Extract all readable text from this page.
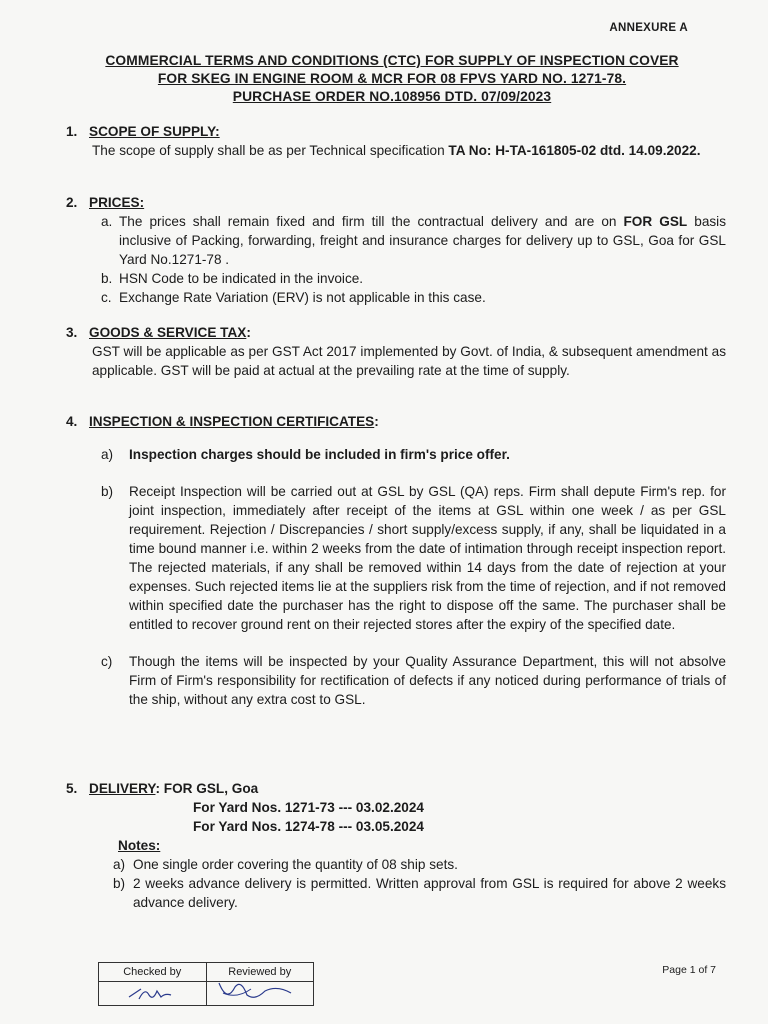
ANNEXURE A
COMMERCIAL TERMS AND CONDITIONS (CTC) FOR SUPPLY OF INSPECTION COVER
FOR SKEG IN ENGINE ROOM & MCR FOR 08 FPVS YARD NO. 1271-78.
PURCHASE ORDER NO.108956 DTD. 07/09/2023
1. SCOPE OF SUPPLY:
The scope of supply shall be as per Technical specification TA No: H-TA-161805-02 dtd. 14.09.2022.
2. PRICES:
a. The prices shall remain fixed and firm till the contractual delivery and are on FOR GSL basis inclusive of Packing, forwarding, freight and insurance charges for delivery up to GSL, Goa for GSL Yard No.1271-78 .
b. HSN Code to be indicated in the invoice.
c. Exchange Rate Variation (ERV) is not applicable in this case.
3. GOODS & SERVICE TAX:
GST will be applicable as per GST Act 2017 implemented by Govt. of India, & subsequent amendment as applicable. GST will be paid at actual at the prevailing rate at the time of supply.
4. INSPECTION & INSPECTION CERTIFICATES:
a)	Inspection charges should be included in firm's price offer.
b)	Receipt Inspection will be carried out at GSL by GSL (QA) reps. Firm shall depute Firm's rep. for joint inspection, immediately after receipt of the items at GSL within one week / as per GSL requirement. Rejection / Discrepancies / short supply/excess supply, if any, shall be liquidated in a time bound manner i.e. within 2 weeks from the date of intimation through receipt inspection report. The rejected materials, if any shall be removed within 14 days from the date of rejection at your expenses. Such rejected items lie at the suppliers risk from the time of rejection, and if not removed within specified date the purchaser has the right to dispose off the same. The purchaser shall be entitled to recover ground rent on their rejected stores after the expiry of the specified date.
c)	Though the items will be inspected by your Quality Assurance Department, this will not absolve Firm of Firm's responsibility for rectification of defects if any noticed during performance of trials of the ship, without any extra cost to GSL.
5. DELIVERY: FOR GSL, Goa
For Yard Nos. 1271-73 --- 03.02.2024
For Yard Nos. 1274-78 --- 03.05.2024
Notes:
a) One single order covering the quantity of 08 ship sets.
b) 2 weeks advance delivery is permitted. Written approval from GSL is required for above 2 weeks advance delivery.
Checked by	Reviewed by	Page 1 of 7
